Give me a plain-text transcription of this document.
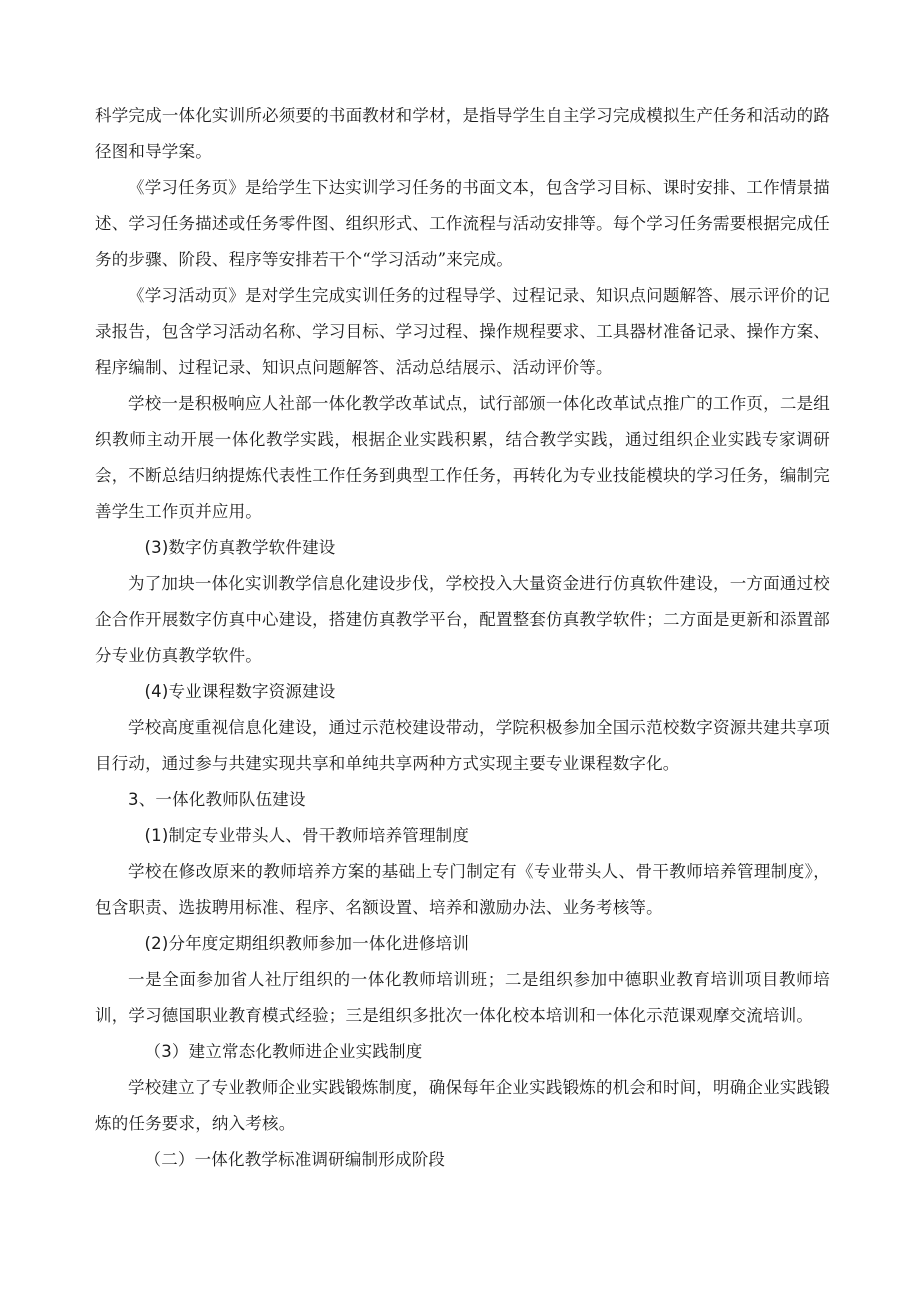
科学完成一体化实训所必须要的书面教材和学材，是指导学生自主学习完成模拟生产任务和活动的路径图和导学案。

《学习任务页》是给学生下达实训学习任务的书面文本，包含学习目标、课时安排、工作情景描述、学习任务描述或任务零件图、组织形式、工作流程与活动安排等。每个学习任务需要根据完成任务的步骤、阶段、程序等安排若干个“学习活动”来完成。

《学习活动页》是对学生完成实训任务的过程导学、过程记录、知识点问题解答、展示评价的记录报告，包含学习活动名称、学习目标、学习过程、操作规程要求、工具器材准备记录、操作方案、程序编制、过程记录、知识点问题解答、活动总结展示、活动评价等。

学校一是积极响应人社部一体化教学改革试点，试行部颁一体化改革试点推广的工作页，二是组织教师主动开展一体化教学实践，根据企业实践积累，结合教学实践，通过组织企业实践专家调研会，不断总结归纳提炼代表性工作任务到典型工作任务，再转化为专业技能模块的学习任务，编制完善学生工作页并应用。

(3)数字仿真教学软件建设

为了加块一体化实训教学信息化建设步伐，学校投入大量资金进行仿真软件建设，一方面通过校企合作开展数字仿真中心建设，搭建仿真教学平台，配置整套仿真教学软件；二方面是更新和添置部分专业仿真教学软件。

(4)专业课程数字资源建设

学校高度重视信息化建设，通过示范校建设带动，学院积极参加全国示范校数字资源共建共享项目行动，通过参与共建实现共享和单纯共享两种方式实现主要专业课程数字化。

3、一体化教师队伍建设

(1)制定专业带头人、骨干教师培养管理制度

学校在修改原来的教师培养方案的基础上专门制定有《专业带头人、骨干教师培养管理制度》，包含职责、选拔聘用标准、程序、名额设置、培养和激励办法、业务考核等。

(2)分年度定期组织教师参加一体化进修培训

一是全面参加省人社厅组织的一体化教师培训班；二是组织参加中德职业教育培训项目教师培训，学习德国职业教育模式经验；三是组织多批次一体化校本培训和一体化示范课观摩交流培训。

（3）建立常态化教师进企业实践制度

学校建立了专业教师企业实践锻炼制度，确保每年企业实践锻炼的机会和时间，明确企业实践锻炼的任务要求，纳入考核。

（二）一体化教学标准调研编制形成阶段
